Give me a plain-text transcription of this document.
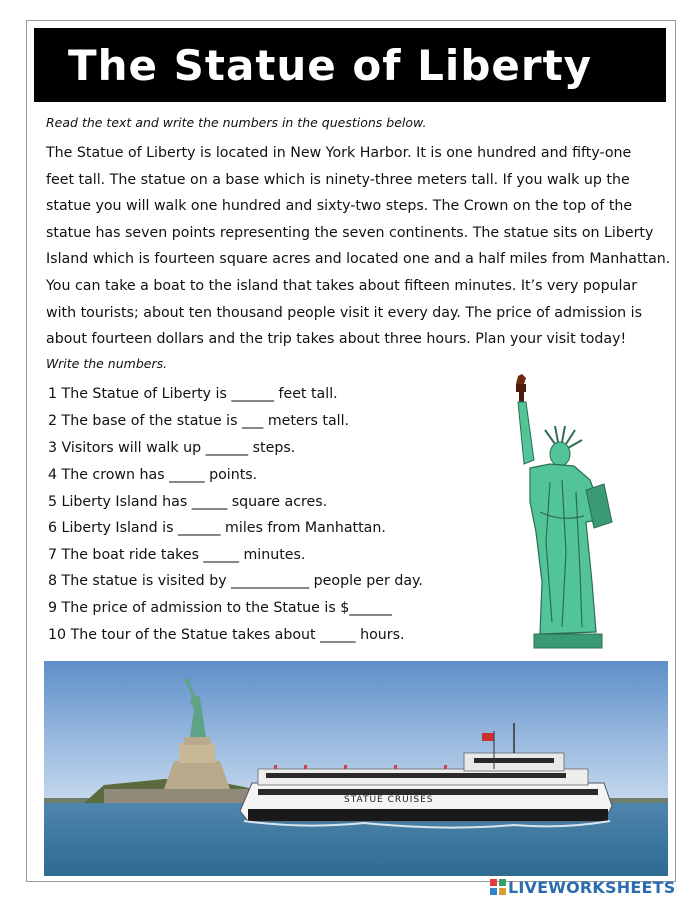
The Statue of Liberty
Read the text and write the numbers in the questions below.
The Statue of Liberty is located in New York Harbor. It is one hundred and fifty-one
feet tall. The statue on a base which is ninety-three meters tall. If you walk up the
statue you will walk one hundred and sixty-two steps. The Crown on the top of the
statue has seven points representing the seven continents. The statue sits on Liberty
Island which is fourteen square acres and located one and a half miles from Manhattan.
You can take a boat to the island that takes about fifteen minutes. It’s very popular
with tourists; about ten thousand people visit it every day. The price of admission is
about fourteen dollars and the trip takes about three hours. Plan your visit today!
Write the numbers.
1 The Statue of Liberty is ______ feet tall.
2 The base of the statue is ___ meters tall.
3 Visitors will walk up ______ steps.
4 The crown has _____ points.
5 Liberty Island has _____ square acres.
6 Liberty Island is ______ miles from Manhattan.
7 The boat ride takes _____ minutes.
8 The statue is visited by ___________ people per day.
9 The price of admission to the Statue is $______
10 The tour of the Statue takes about _____ hours.
STATUE CRUISES
LIVEWORKSHEETS
